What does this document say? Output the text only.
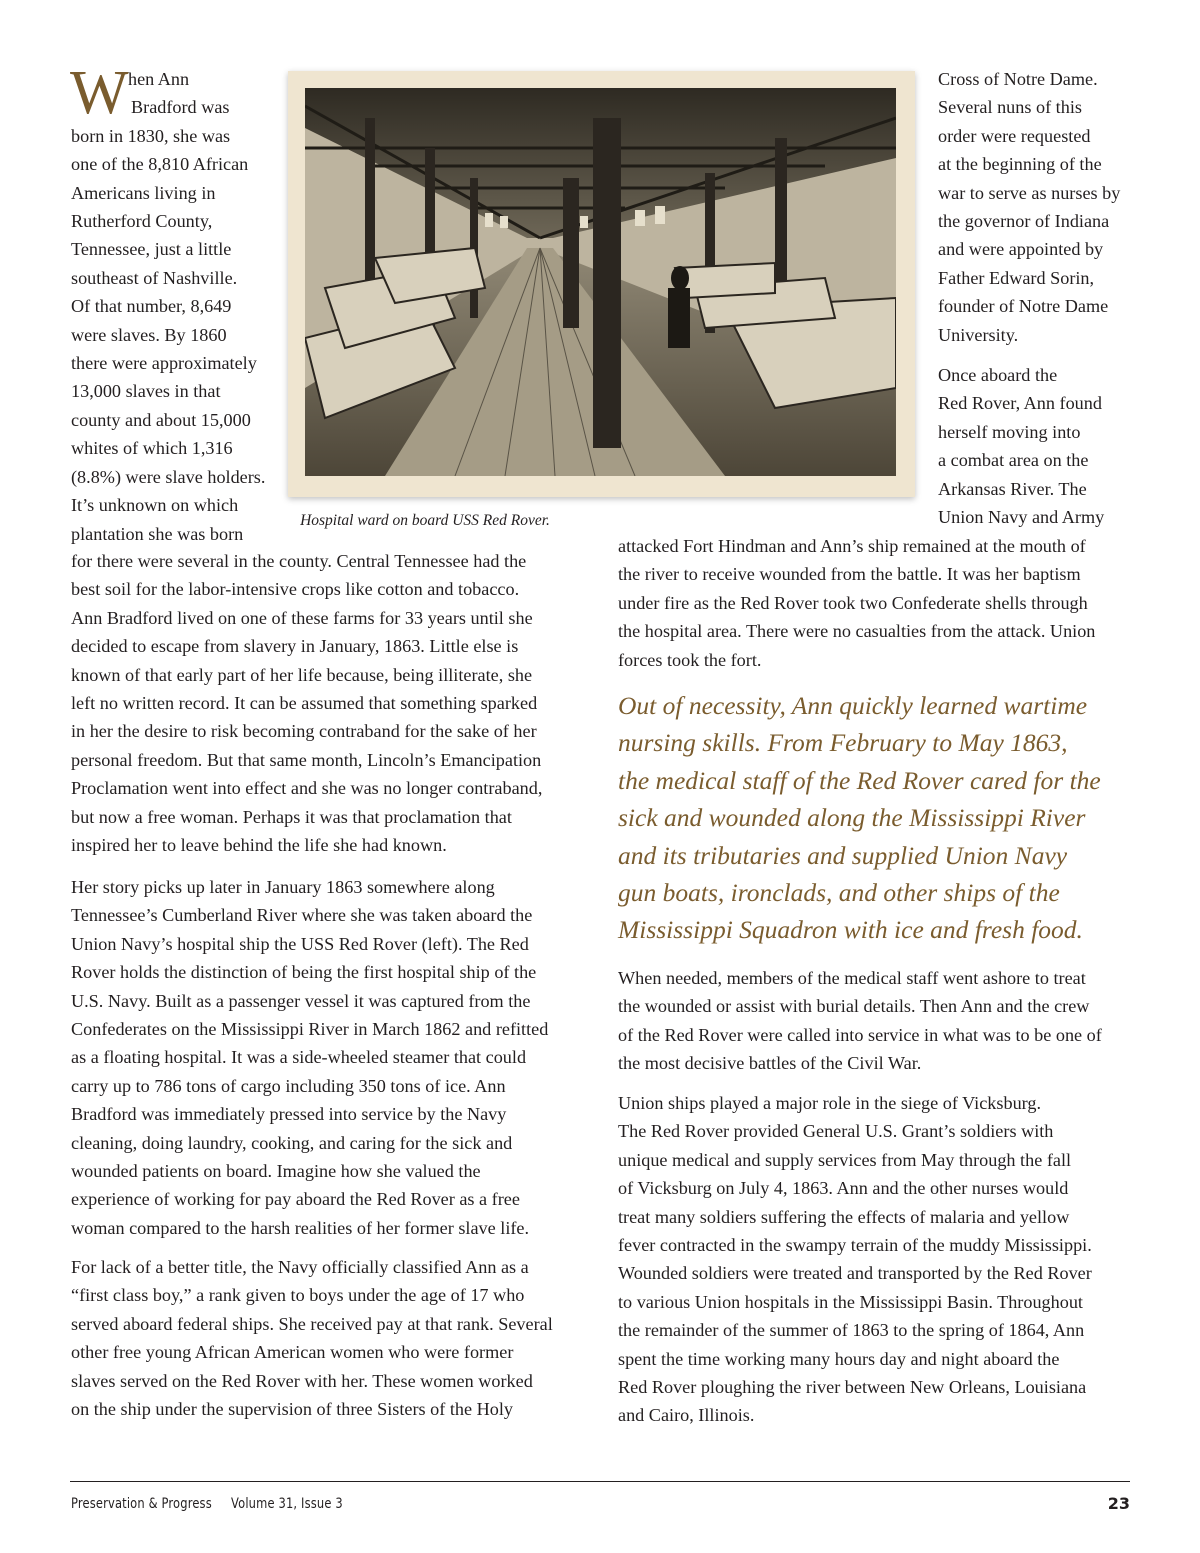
W hen Ann
Bradford was
born in 1830, she was
one of the 8,810 African
Americans living in
Rutherford County,
Tennessee, just a little
southeast of Nashville.
Of that number, 8,649
were slaves. By 1860
there were approximately
13,000 slaves in that
county and about 15,000
whites of which 1,316
(8.8%) were slave holders.
It’s unknown on which
plantation she was born
Hospital ward on board USS Red Rover.
Cross of Notre Dame.
Several nuns of this
order were requested
at the beginning of the
war to serve as nurses by
the governor of Indiana
and were appointed by
Father Edward Sorin,
founder of Notre Dame
University.
Once aboard the
Red Rover, Ann found
herself moving into
a combat area on the
Arkansas River. The
Union Navy and Army
for there were several in the county. Central Tennessee had the
best soil for the labor-intensive crops like cotton and tobacco.
Ann Bradford lived on one of these farms for 33 years until she
decided to escape from slavery in January, 1863. Little else is
known of that early part of her life because, being illiterate, she
left no written record. It can be assumed that something sparked
in her the desire to risk becoming contraband for the sake of her
personal freedom. But that same month, Lincoln’s Emancipation
Proclamation went into effect and she was no longer contraband,
but now a free woman. Perhaps it was that proclamation that
inspired her to leave behind the life she had known.
Her story picks up later in January 1863 somewhere along
Tennessee’s Cumberland River where she was taken aboard the
Union Navy’s hospital ship the USS Red Rover (left). The Red
Rover holds the distinction of being the first hospital ship of the
U.S. Navy. Built as a passenger vessel it was captured from the
Confederates on the Mississippi River in March 1862 and refitted
as a floating hospital. It was a side-wheeled steamer that could
carry up to 786 tons of cargo including 350 tons of ice. Ann
Bradford was immediately pressed into service by the Navy
cleaning, doing laundry, cooking, and caring for the sick and
wounded patients on board. Imagine how she valued the
experience of working for pay aboard the Red Rover as a free
woman compared to the harsh realities of her former slave life.
For lack of a better title, the Navy officially classified Ann as a
“first class boy,” a rank given to boys under the age of 17 who
served aboard federal ships. She received pay at that rank. Several
other free young African American women who were former
slaves served on the Red Rover with her. These women worked
on the ship under the supervision of three Sisters of the Holy
attacked Fort Hindman and Ann’s ship remained at the mouth of
the river to receive wounded from the battle. It was her baptism
under fire as the Red Rover took two Confederate shells through
the hospital area. There were no casualties from the attack. Union
forces took the fort.
Out of necessity, Ann quickly learned wartime
nursing skills. From February to May 1863,
the medical staff of the Red Rover cared for the
sick and wounded along the Mississippi River
and its tributaries and supplied Union Navy
gun boats, ironclads, and other ships of the
Mississippi Squadron with ice and fresh food.
When needed, members of the medical staff went ashore to treat
the wounded or assist with burial details. Then Ann and the crew
of the Red Rover were called into service in what was to be one of
the most decisive battles of the Civil War.
Union ships played a major role in the siege of Vicksburg.
The Red Rover provided General U.S. Grant’s soldiers with
unique medical and supply services from May through the fall
of Vicksburg on July 4, 1863. Ann and the other nurses would
treat many soldiers suffering the effects of malaria and yellow
fever contracted in the swampy terrain of the muddy Mississippi.
Wounded soldiers were treated and transported by the Red Rover
to various Union hospitals in the Mississippi Basin. Throughout
the remainder of the summer of 1863 to the spring of 1864, Ann
spent the time working many hours day and night aboard the
Red Rover ploughing the river between New Orleans, Louisiana
and Cairo, Illinois.
Preservation & Progress Volume 31, Issue 3	23
